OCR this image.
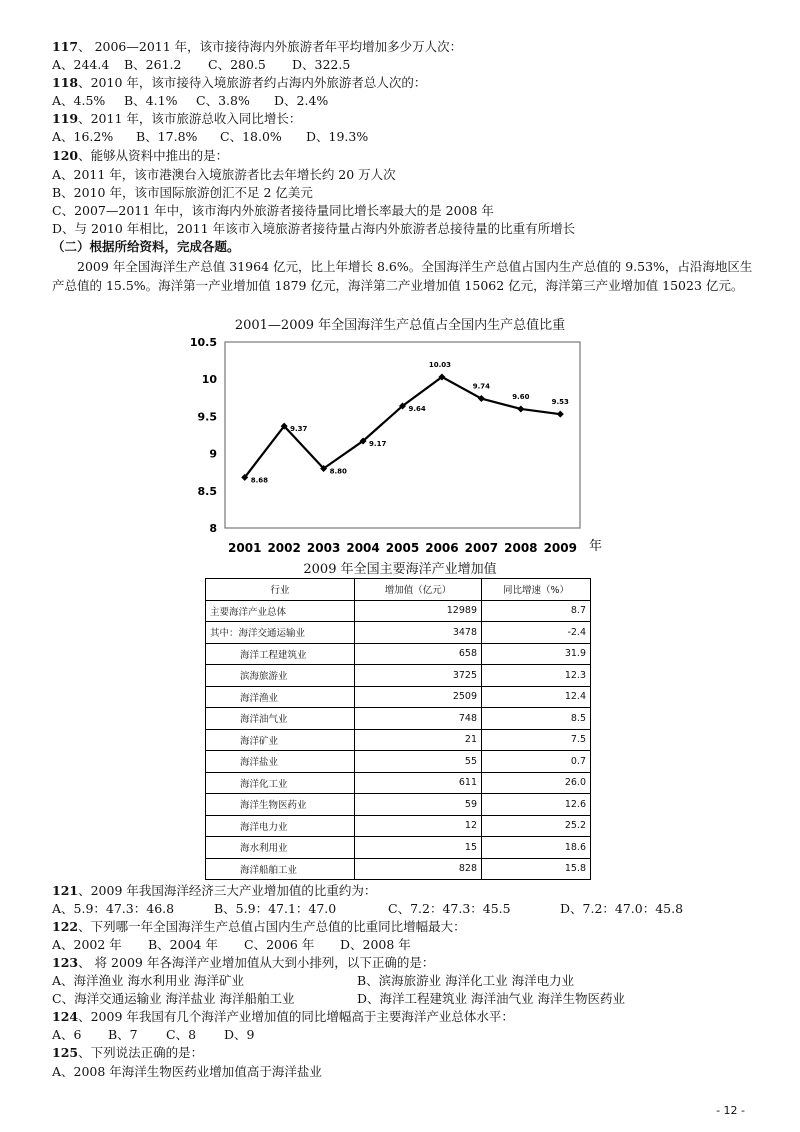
117、 2006—2011 年，该市接待海内外旅游者年平均增加多少万人次：
A、244.4 B、261.2 C、280.5 D、322.5
118、2010 年，该市接待入境旅游者约占海内外旅游者总人次的：
A、4.5% B、4.1% C、3.8% D、2.4%
119、2011 年，该市旅游总收入同比增长：
A、16.2% B、17.8% C、18.0% D、19.3%
120、能够从资料中推出的是：
A、2011 年，该市港澳台入境旅游者比去年增长约 20 万人次
B、2010 年，该市国际旅游创汇不足 2 亿美元
C、2007—2011 年中，该市海内外旅游者接待量同比增长率最大的是 2008 年
D、与 2010 年相比，2011 年该市入境旅游者接待量占海内外旅游者总接待量的比重有所增长
（二）根据所给资料，完成各题。
2009 年全国海洋生产总值 31964 亿元，比上年增长 8.6%。全国海洋生产总值占国内生产总值的 9.53%，占沿海地区生产总值的 15.5%。海洋第一产业增加值 1879 亿元，海洋第二产业增加值 15062 亿元，海洋第三产业增加值 15023 亿元。
2001—2009 年全国海洋生产总值占全国内生产总值比重
8
8.5
9
9.5
10
10.5
2001 2002 2003 2004 2005 2006 2007 2008 2009 年
8.68
9.37
8.80
9.17
9.64
10.03
9.74
9.60
9.53
2009 年全国主要海洋产业增加值
行业	增加值（亿元）	同比增速（%）
主要海洋产业总体	12989	8.7
其中：海洋交通运输业	3478	-2.4
海洋工程建筑业	658	31.9
滨海旅游业	3725	12.3
海洋渔业	2509	12.4
海洋油气业	748	8.5
海洋矿业	21	7.5
海洋盐业	55	0.7
海洋化工业	611	26.0
海洋生物医药业	59	12.6
海洋电力业	12	25.2
海水利用业	15	18.6
海洋船舶工业	828	15.8
121、2009 年我国海洋经济三大产业增加值的比重约为：
A、5.9：47.3：46.8	B、5.9：47.1：47.0	C、7.2：47.3：45.5	D、7.2：47.0：45.8
122、下列哪一年全国海洋生产总值占国内生产总值的比重同比增幅最大：
A、2002 年 B、2004 年 C、2006 年 D、2008 年
123、 将 2009 年各海洋产业增加值从大到小排列，以下正确的是：
A、海洋渔业 海水利用业 海洋矿业	B、滨海旅游业 海洋化工业 海洋电力业
C、海洋交通运输业 海洋盐业 海洋船舶工业	D、海洋工程建筑业 海洋油气业 海洋生物医药业
124、2009 年我国有几个海洋产业增加值的同比增幅高于主要海洋产业总体水平：
A、6 B、7 C、8 D、9
125、下列说法正确的是：
A、2008 年海洋生物医药业增加值高于海洋盐业
- 12 -
